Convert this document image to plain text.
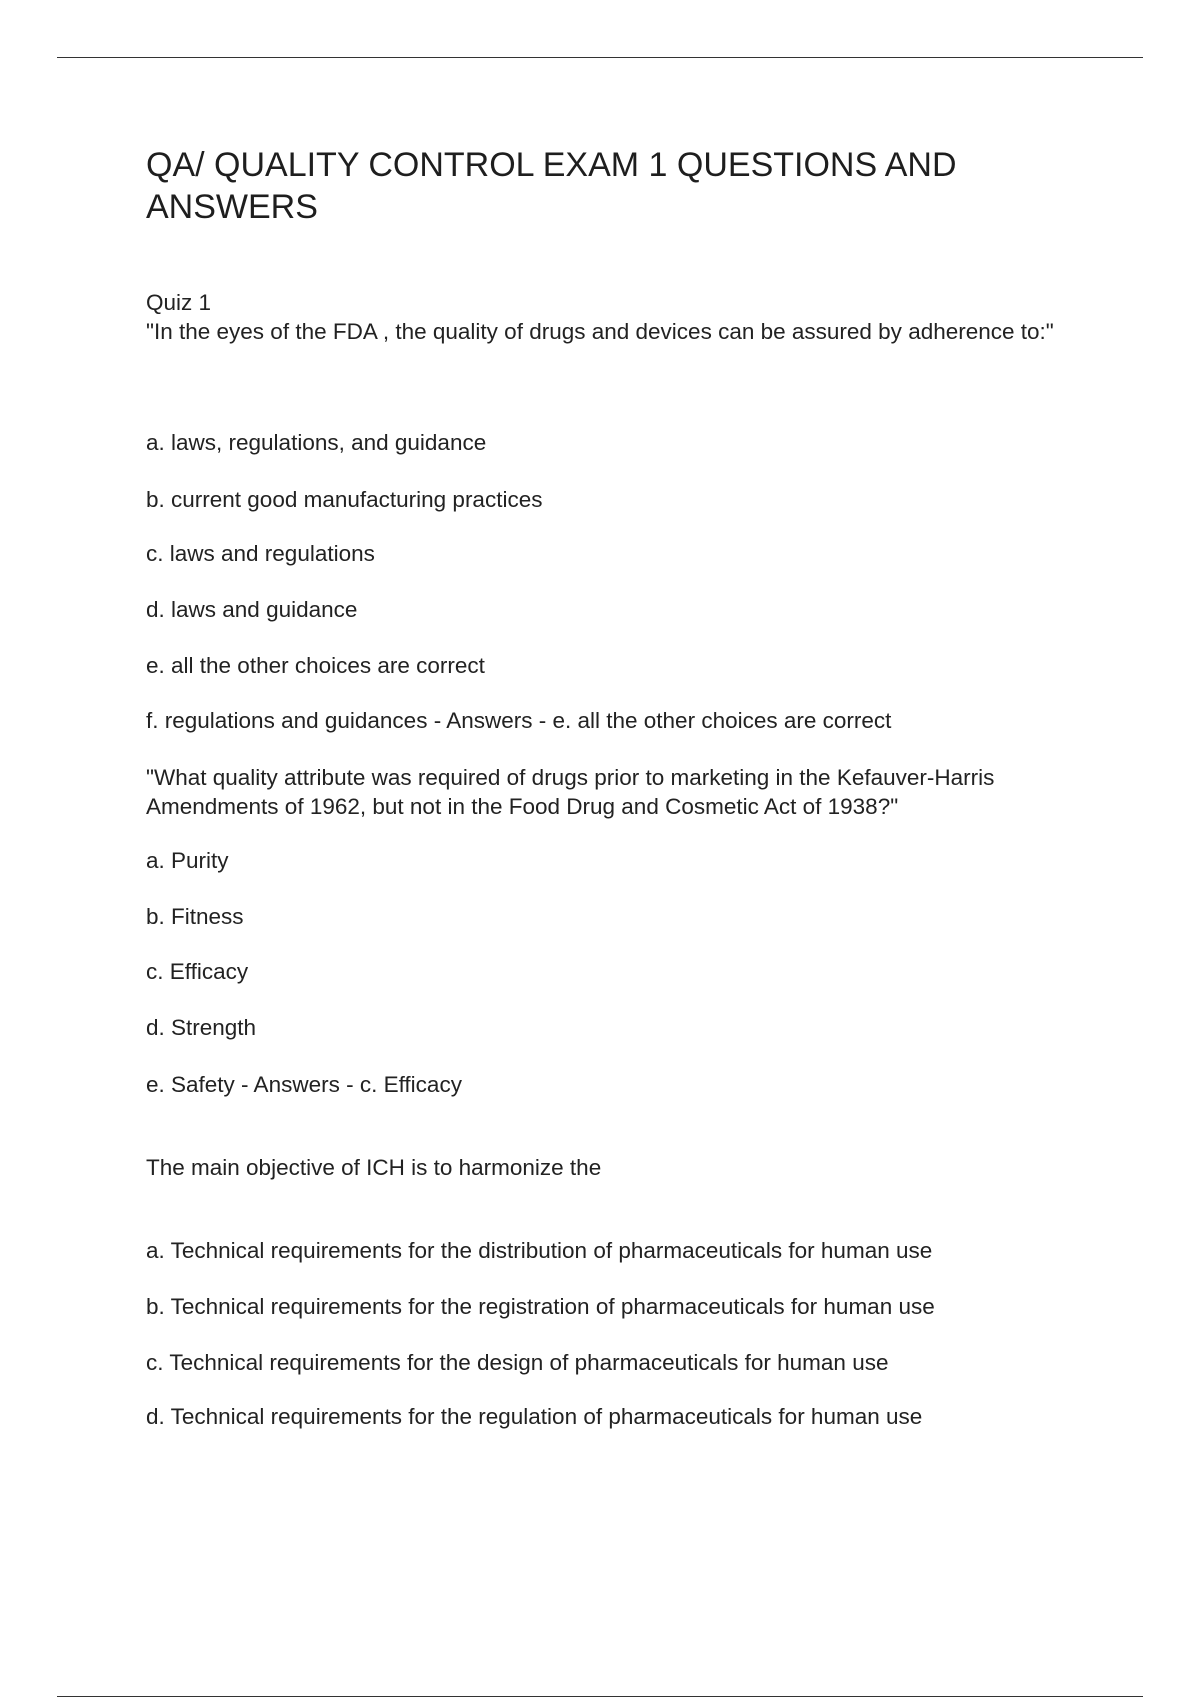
QA/ QUALITY CONTROL EXAM 1 QUESTIONS AND ANSWERS
Quiz 1
"In the eyes of the FDA , the quality of drugs and devices can be assured by adherence to:"
a. laws, regulations, and guidance
b. current good manufacturing practices
c. laws and regulations
d. laws and guidance
e. all the other choices are correct
f. regulations and guidances - Answers - e. all the other choices are correct
"What quality attribute was required of drugs prior to marketing in the Kefauver-Harris Amendments of 1962, but not in the Food Drug and Cosmetic Act of 1938?"
a. Purity
b. Fitness
c. Efficacy
d. Strength
e. Safety - Answers - c. Efficacy
The main objective of ICH is to harmonize the
a. Technical requirements for the distribution of pharmaceuticals for human use
b. Technical requirements for the registration of pharmaceuticals for human use
c. Technical requirements for the design of pharmaceuticals for human use
d. Technical requirements for the regulation of pharmaceuticals for human use
